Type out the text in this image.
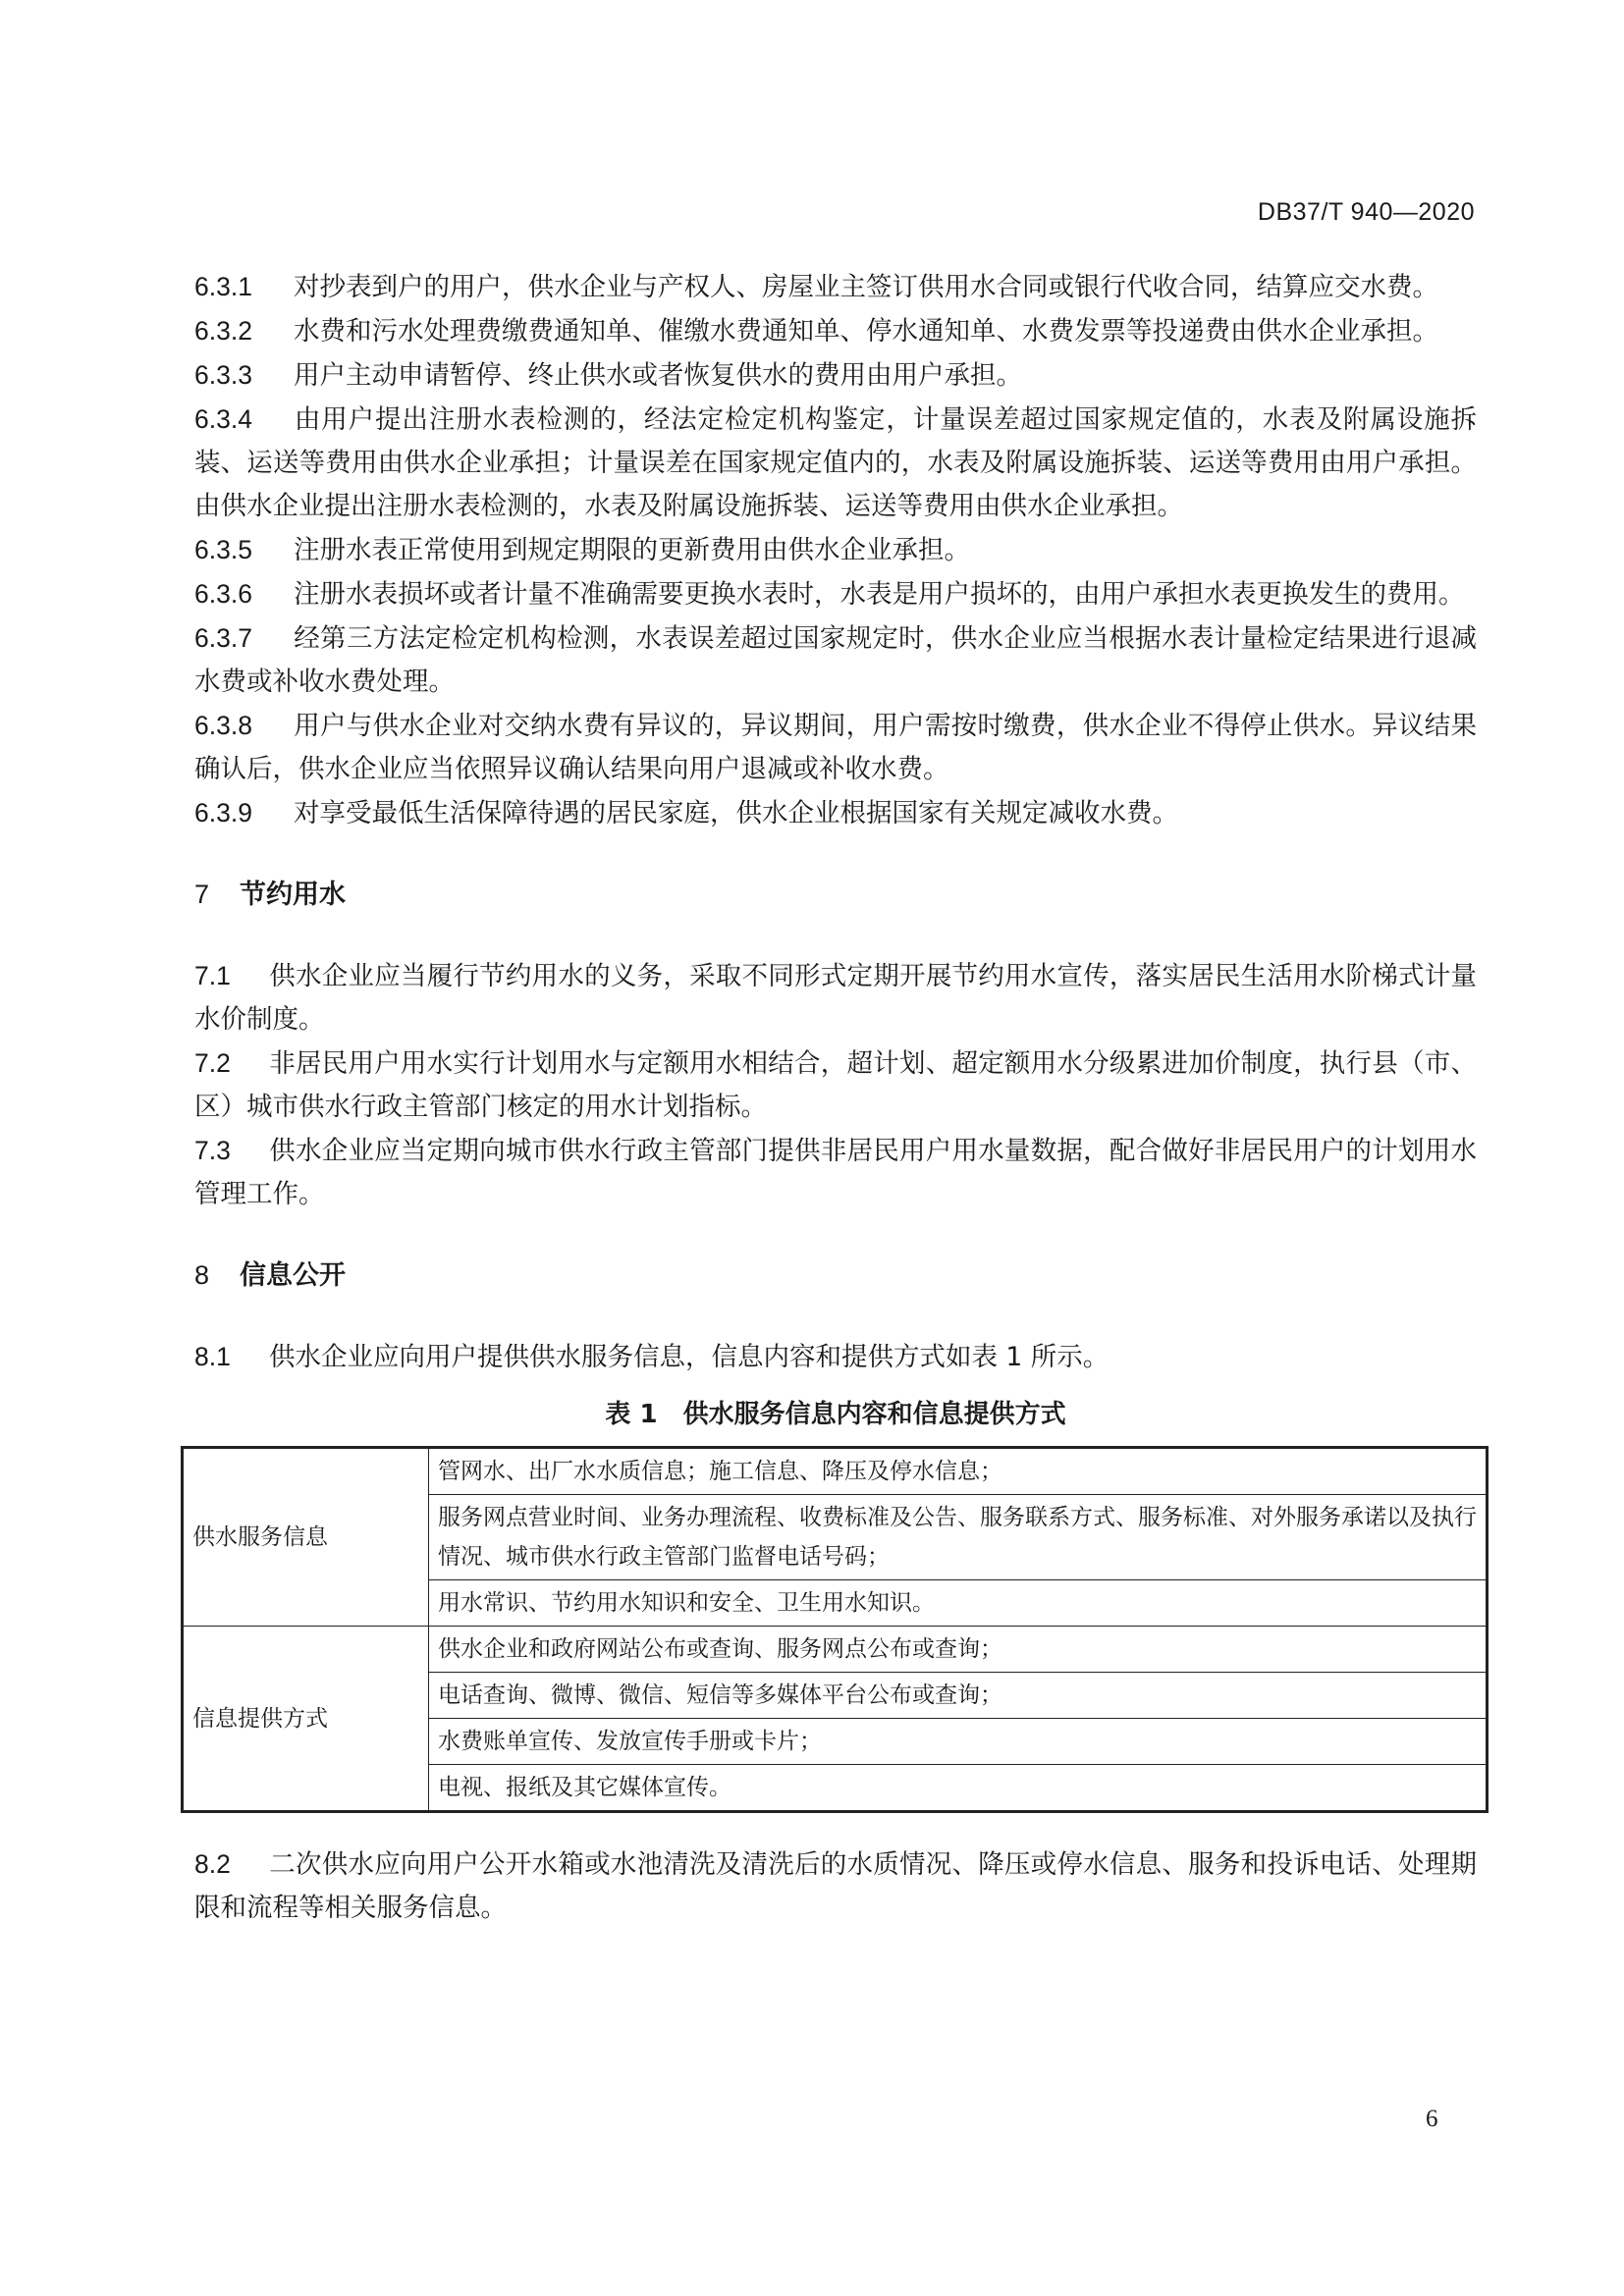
DB37/T 940—2020

6.3.1 对抄表到户的用户，供水企业与产权人、房屋业主签订供用水合同或银行代收合同，结算应交水费。

6.3.2 水费和污水处理费缴费通知单、催缴水费通知单、停水通知单、水费发票等投递费由供水企业承担。

6.3.3 用户主动申请暂停、终止供水或者恢复供水的费用由用户承担。

6.3.4 由用户提出注册水表检测的，经法定检定机构鉴定，计量误差超过国家规定值的，水表及附属设施拆装、运送等费用由供水企业承担；计量误差在国家规定值内的，水表及附属设施拆装、运送等费用由用户承担。由供水企业提出注册水表检测的，水表及附属设施拆装、运送等费用由供水企业承担。

6.3.5 注册水表正常使用到规定期限的更新费用由供水企业承担。

6.3.6 注册水表损坏或者计量不准确需要更换水表时，水表是用户损坏的，由用户承担水表更换发生的费用。

6.3.7 经第三方法定检定机构检测，水表误差超过国家规定时，供水企业应当根据水表计量检定结果进行退减水费或补收水费处理。

6.3.8 用户与供水企业对交纳水费有异议的，异议期间，用户需按时缴费，供水企业不得停止供水。异议结果确认后，供水企业应当依照异议确认结果向用户退减或补收水费。

6.3.9 对享受最低生活保障待遇的居民家庭，供水企业根据国家有关规定减收水费。

7 节约用水

7.1 供水企业应当履行节约用水的义务，采取不同形式定期开展节约用水宣传，落实居民生活用水阶梯式计量水价制度。

7.2 非居民用户用水实行计划用水与定额用水相结合，超计划、超定额用水分级累进加价制度，执行县（市、区）城市供水行政主管部门核定的用水计划指标。

7.3 供水企业应当定期向城市供水行政主管部门提供非居民用户用水量数据，配合做好非居民用户的计划用水管理工作。

8 信息公开

8.1 供水企业应向用户提供供水服务信息，信息内容和提供方式如表 1 所示。

表 1　供水服务信息内容和信息提供方式
供水服务信息	管网水、出厂水水质信息；施工信息、降压及停水信息；
	服务网点营业时间、业务办理流程、收费标准及公告、服务联系方式、服务标准、对外服务承诺以及执行情况、城市供水行政主管部门监督电话号码；
	用水常识、节约用水知识和安全、卫生用水知识。
信息提供方式	供水企业和政府网站公布或查询、服务网点公布或查询；
	电话查询、微博、微信、短信等多媒体平台公布或查询；
	水费账单宣传、发放宣传手册或卡片；
	电视、报纸及其它媒体宣传。

8.2 二次供水应向用户公开水箱或水池清洗及清洗后的水质情况、降压或停水信息、服务和投诉电话、处理期限和流程等相关服务信息。

6
